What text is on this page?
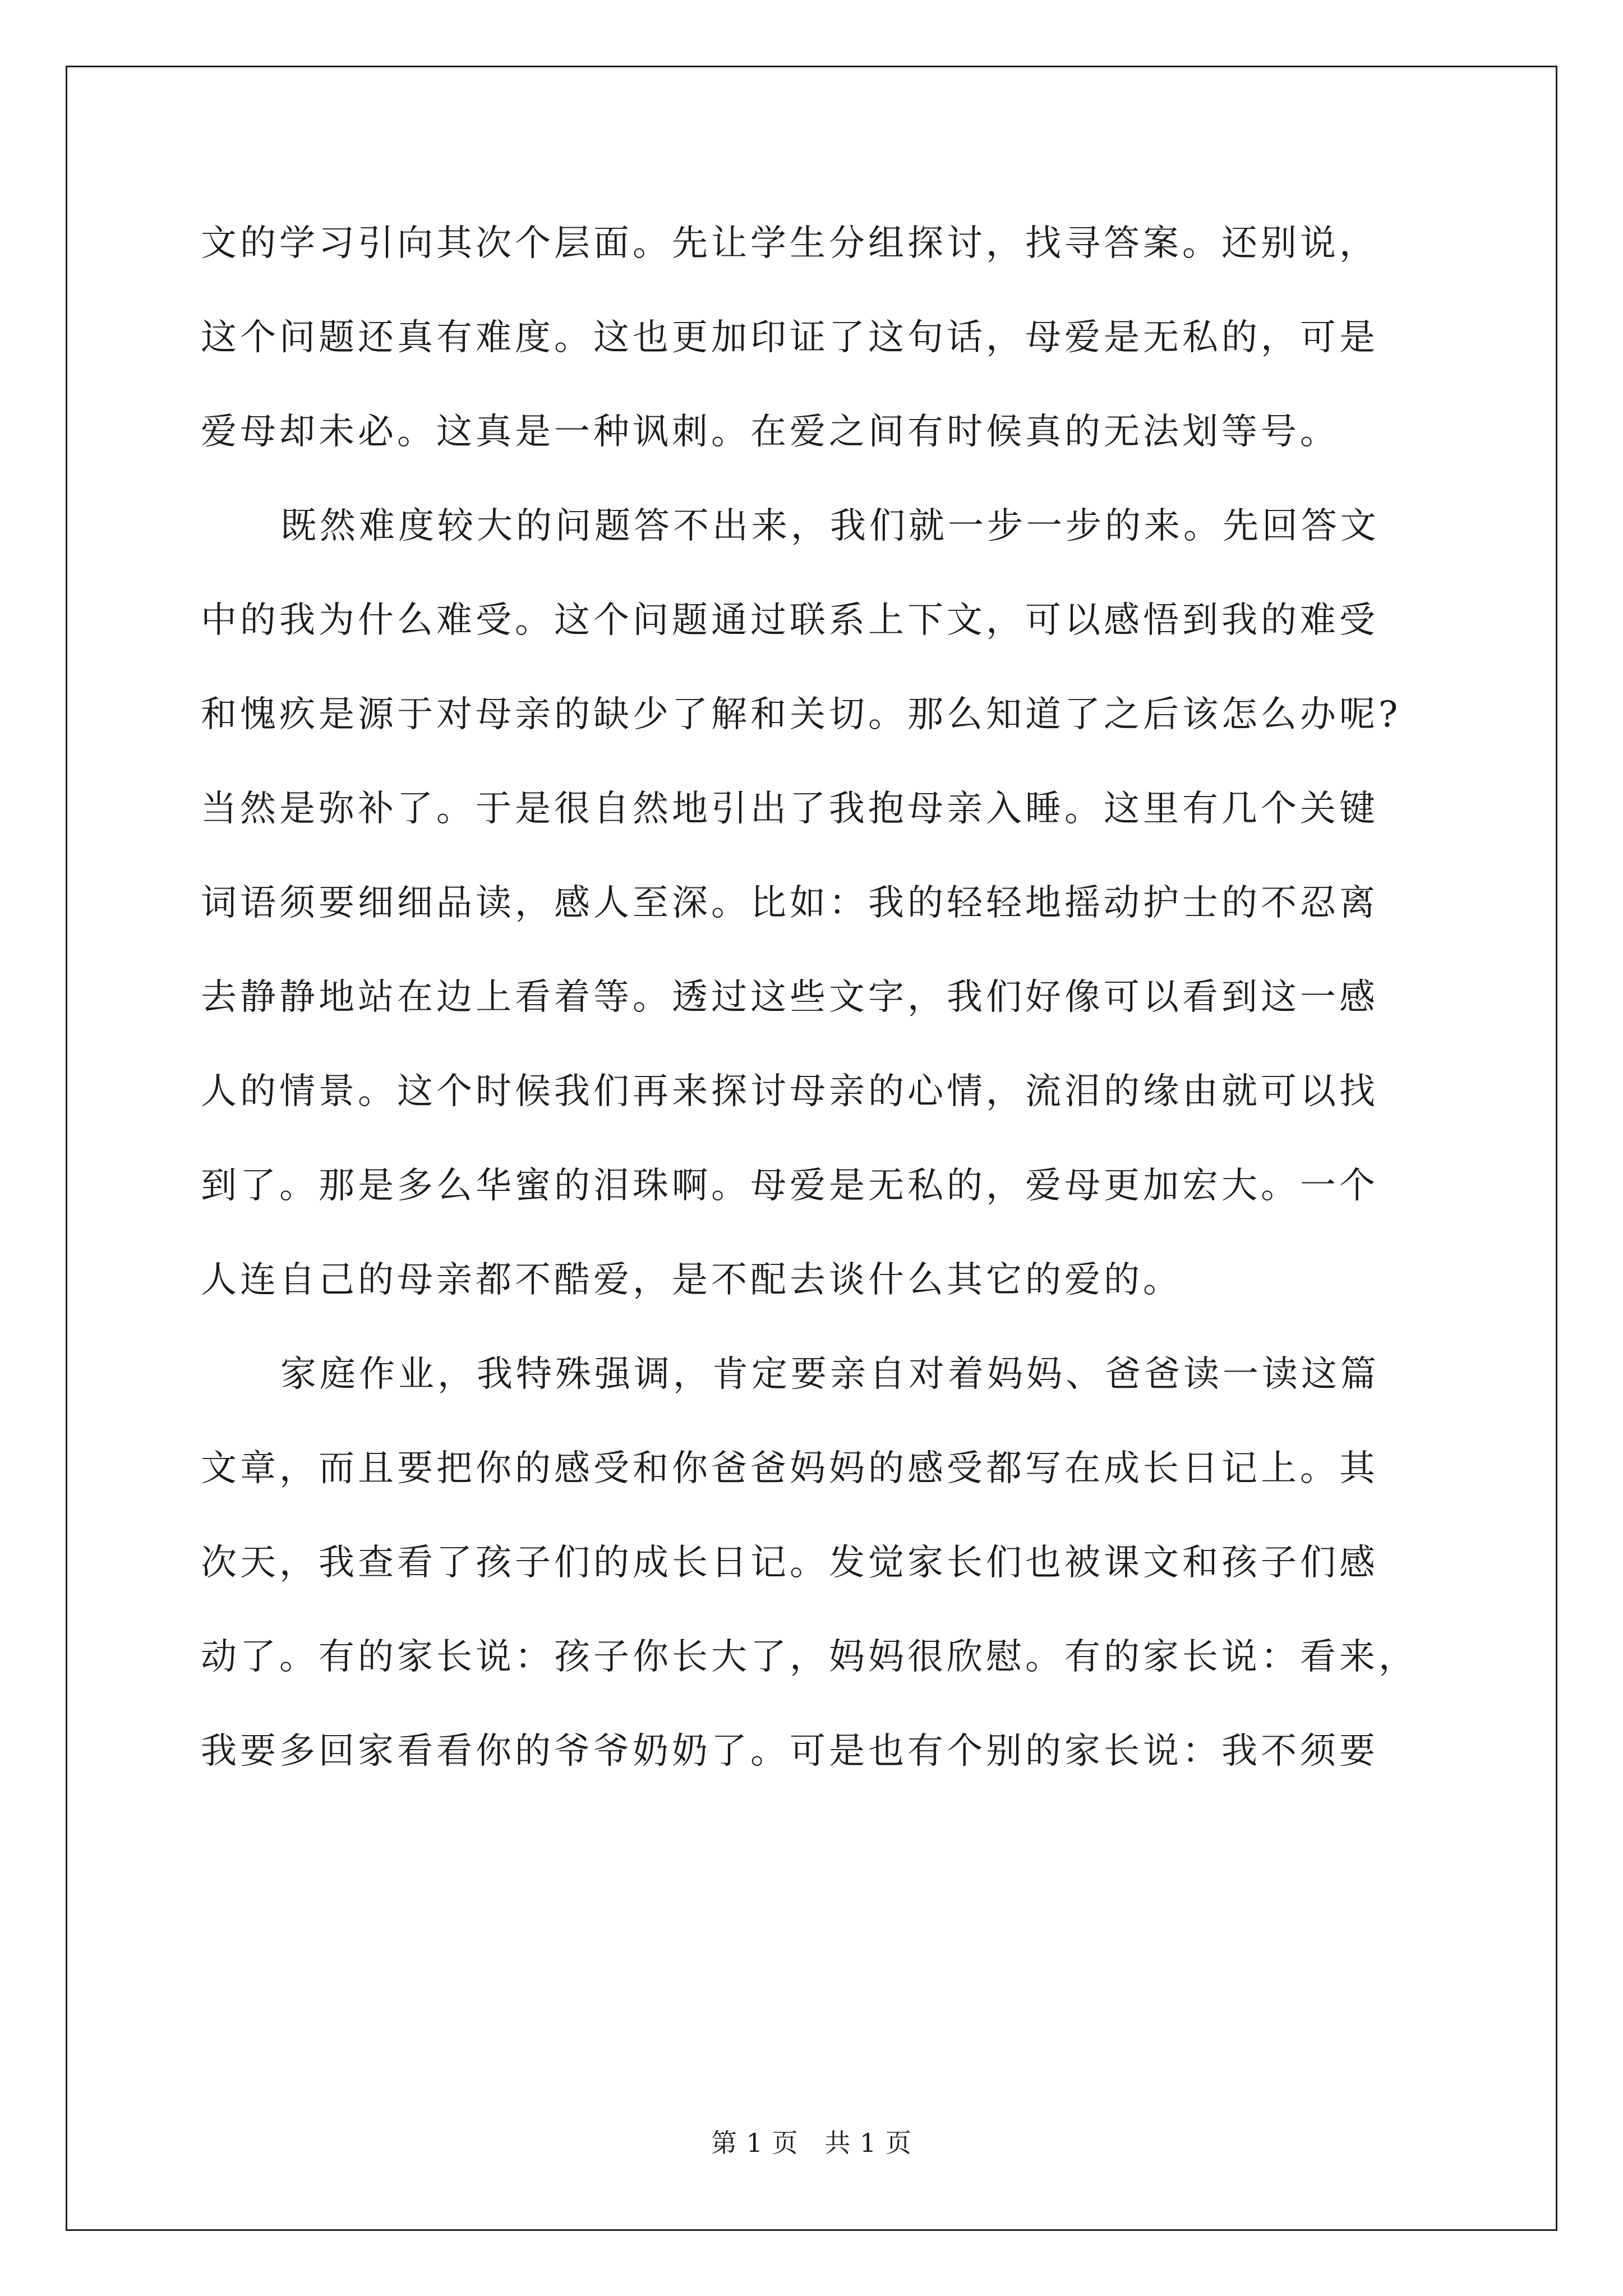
文的学习引向其次个层面。先让学生分组探讨，找寻答案。还别说，
这个问题还真有难度。这也更加印证了这句话，母爱是无私的，可是
爱母却未必。这真是一种讽刺。在爱之间有时候真的无法划等号。
既然难度较大的问题答不出来，我们就一步一步的来。先回答文
中的我为什么难受。这个问题通过联系上下文，可以感悟到我的难受
和愧疚是源于对母亲的缺少了解和关切。那么知道了之后该怎么办呢?
当然是弥补了。于是很自然地引出了我抱母亲入睡。这里有几个关键
词语须要细细品读，感人至深。比如：我的轻轻地摇动护士的不忍离
去静静地站在边上看着等。透过这些文字，我们好像可以看到这一感
人的情景。这个时候我们再来探讨母亲的心情，流泪的缘由就可以找
到了。那是多么华蜜的泪珠啊。母爱是无私的，爱母更加宏大。一个
人连自己的母亲都不酷爱，是不配去谈什么其它的爱的。
家庭作业，我特殊强调，肯定要亲自对着妈妈、爸爸读一读这篇
文章，而且要把你的感受和你爸爸妈妈的感受都写在成长日记上。其
次天，我查看了孩子们的成长日记。发觉家长们也被课文和孩子们感
动了。有的家长说：孩子你长大了，妈妈很欣慰。有的家长说：看来，
我要多回家看看你的爷爷奶奶了。可是也有个别的家长说：我不须要
第 1 页   共 1 页
